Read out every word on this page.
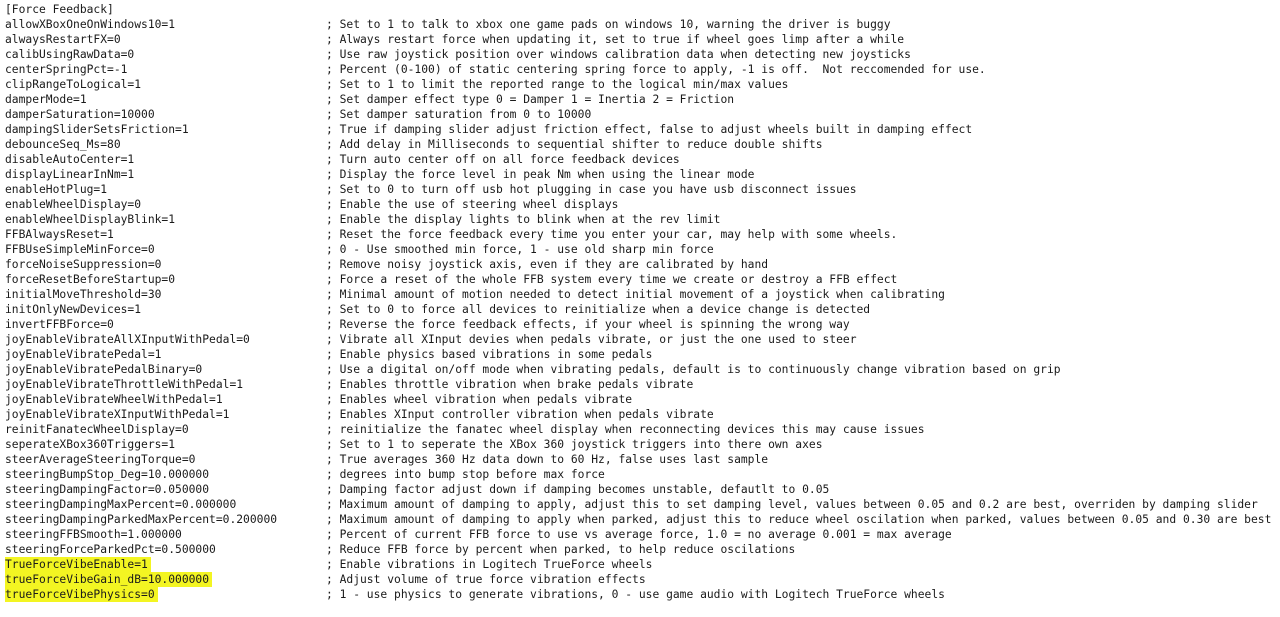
[Force Feedback]
allowXBoxOneOnWindows10=1	; Set to 1 to talk to xbox one game pads on windows 10, warning the driver is buggy
alwaysRestartFX=0	; Always restart force when updating it, set to true if wheel goes limp after a while
calibUsingRawData=0	; Use raw joystick position over windows calibration data when detecting new joysticks
centerSpringPct=-1	; Percent (0-100) of static centering spring force to apply, -1 is off.  Not reccomended for use.
clipRangeToLogical=1	; Set to 1 to limit the reported range to the logical min/max values
damperMode=1	; Set damper effect type 0 = Damper 1 = Inertia 2 = Friction
damperSaturation=10000	; Set damper saturation from 0 to 10000
dampingSliderSetsFriction=1	; True if damping slider adjust friction effect, false to adjust wheels built in damping effect
debounceSeq_Ms=80	; Add delay in Milliseconds to sequential shifter to reduce double shifts
disableAutoCenter=1	; Turn auto center off on all force feedback devices
displayLinearInNm=1	; Display the force level in peak Nm when using the linear mode
enableHotPlug=1	; Set to 0 to turn off usb hot plugging in case you have usb disconnect issues
enableWheelDisplay=0	; Enable the use of steering wheel displays
enableWheelDisplayBlink=1	; Enable the display lights to blink when at the rev limit
FFBAlwaysReset=1	; Reset the force feedback every time you enter your car, may help with some wheels.
FFBUseSimpleMinForce=0	; 0 - Use smoothed min force, 1 - use old sharp min force
forceNoiseSuppression=0	; Remove noisy joystick axis, even if they are calibrated by hand
forceResetBeforeStartup=0	; Force a reset of the whole FFB system every time we create or destroy a FFB effect
initialMoveThreshold=30	; Minimal amount of motion needed to detect initial movement of a joystick when calibrating
initOnlyNewDevices=1	; Set to 0 to force all devices to reinitialize when a device change is detected
invertFFBForce=0	; Reverse the force feedback effects, if your wheel is spinning the wrong way
joyEnableVibrateAllXInputWithPedal=0	; Vibrate all XInput devies when pedals vibrate, or just the one used to steer
joyEnableVibratePedal=1	; Enable physics based vibrations in some pedals
joyEnableVibratePedalBinary=0	; Use a digital on/off mode when vibrating pedals, default is to continuously change vibration based on grip
joyEnableVibrateThrottleWithPedal=1	; Enables throttle vibration when brake pedals vibrate
joyEnableVibrateWheelWithPedal=1	; Enables wheel vibration when pedals vibrate
joyEnableVibrateXInputWithPedal=1	; Enables XInput controller vibration when pedals vibrate
reinitFanatecWheelDisplay=0	; reinitialize the fanatec wheel display when reconnecting devices this may cause issues
seperateXBox360Triggers=1	; Set to 1 to seperate the XBox 360 joystick triggers into there own axes
steerAverageSteeringTorque=0	; True averages 360 Hz data down to 60 Hz, false uses last sample
steeringBumpStop_Deg=10.000000	; degrees into bump stop before max force
steeringDampingFactor=0.050000	; Damping factor adjust down if damping becomes unstable, defautlt to 0.05
steeringDampingMaxPercent=0.000000	; Maximum amount of damping to apply, adjust this to set damping level, values between 0.05 and 0.2 are best, overriden by damping slider
steeringDampingParkedMaxPercent=0.200000	; Maximum amount of damping to apply when parked, adjust this to reduce wheel oscilation when parked, values between 0.05 and 0.30 are best
steeringFFBSmooth=1.000000	; Percent of current FFB force to use vs average force, 1.0 = no average 0.001 = max average
steeringForceParkedPct=0.500000	; Reduce FFB force by percent when parked, to help reduce oscilations
TrueForceVibeEnable=1	; Enable vibrations in Logitech TrueForce wheels
trueForceVibeGain_dB=10.000000	; Adjust volume of true force vibration effects
trueForceVibePhysics=0	; 1 - use physics to generate vibrations, 0 - use game audio with Logitech TrueForce wheels
